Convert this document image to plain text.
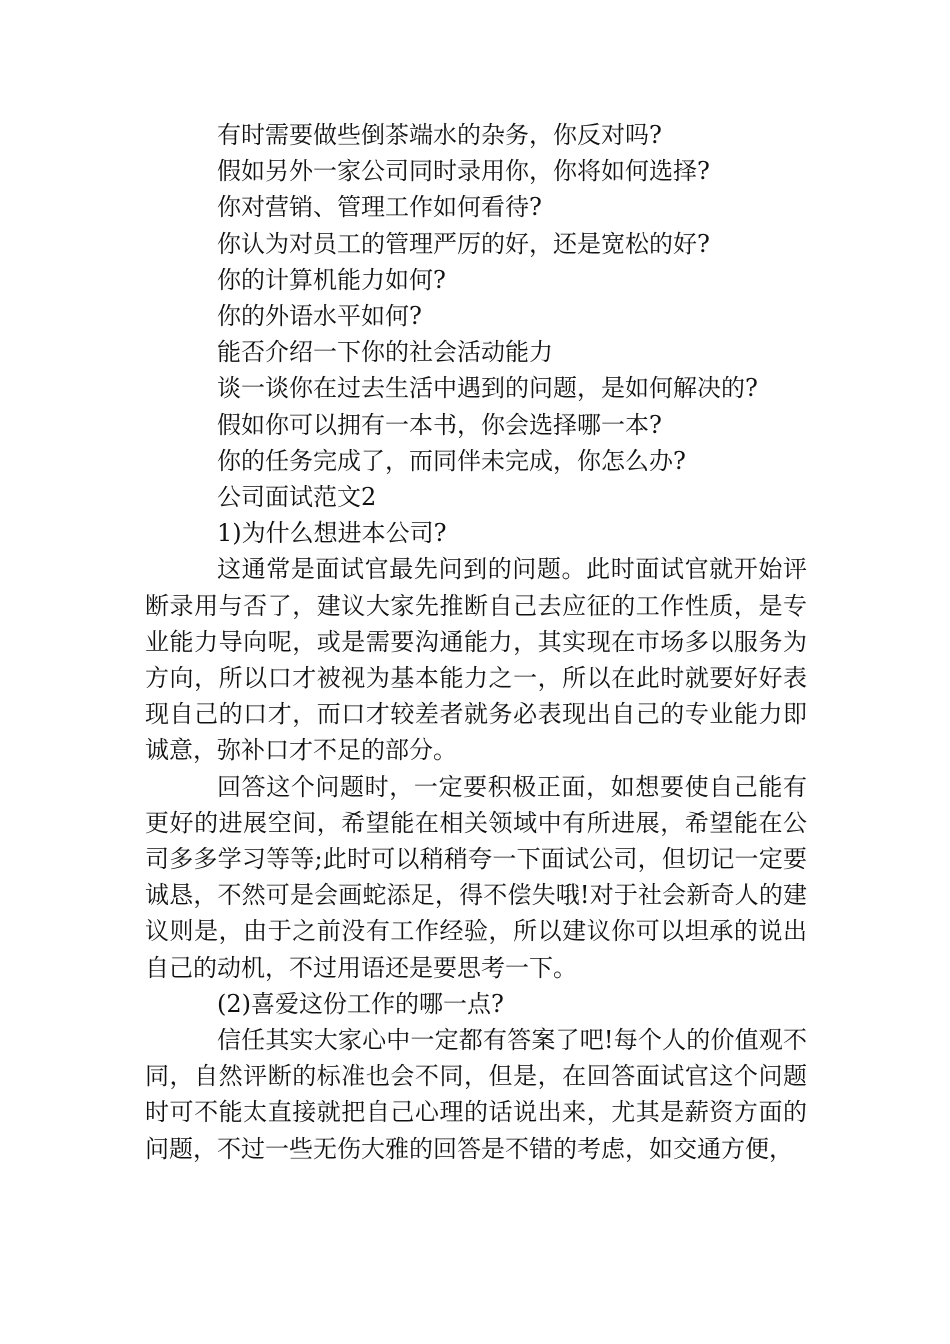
有时需要做些倒茶端水的杂务，你反对吗?

假如另外一家公司同时录用你，你将如何选择?

你对营销、管理工作如何看待?

你认为对员工的管理严厉的好，还是宽松的好?

你的计算机能力如何?

你的外语水平如何?

能否介绍一下你的社会活动能力

谈一谈你在过去生活中遇到的问题，是如何解决的?

假如你可以拥有一本书，你会选择哪一本?

你的任务完成了，而同伴未完成，你怎么办?

公司面试范文2

1)为什么想进本公司?

这通常是面试官最先问到的问题。此时面试官就开始评断录用与否了，建议大家先推断自己去应征的工作性质，是专业能力导向呢，或是需要沟通能力，其实现在市场多以服务为方向，所以口才被视为基本能力之一，所以在此时就要好好表现自己的口才，而口才较差者就务必表现出自己的专业能力即诚意，弥补口才不足的部分。

回答这个问题时，一定要积极正面，如想要使自己能有更好的进展空间，希望能在相关领域中有所进展，希望能在公司多多学习等等;此时可以稍稍夸一下面试公司，但切记一定要诚恳，不然可是会画蛇添足，得不偿失哦!对于社会新奇人的建议则是，由于之前没有工作经验，所以建议你可以坦承的说出自己的动机，不过用语还是要思考一下。

(2)喜爱这份工作的哪一点?

信任其实大家心中一定都有答案了吧!每个人的价值观不同，自然评断的标准也会不同，但是，在回答面试官这个问题时可不能太直接就把自己心理的话说出来，尤其是薪资方面的问题，不过一些无伤大雅的回答是不错的考虑，如交通方便，
